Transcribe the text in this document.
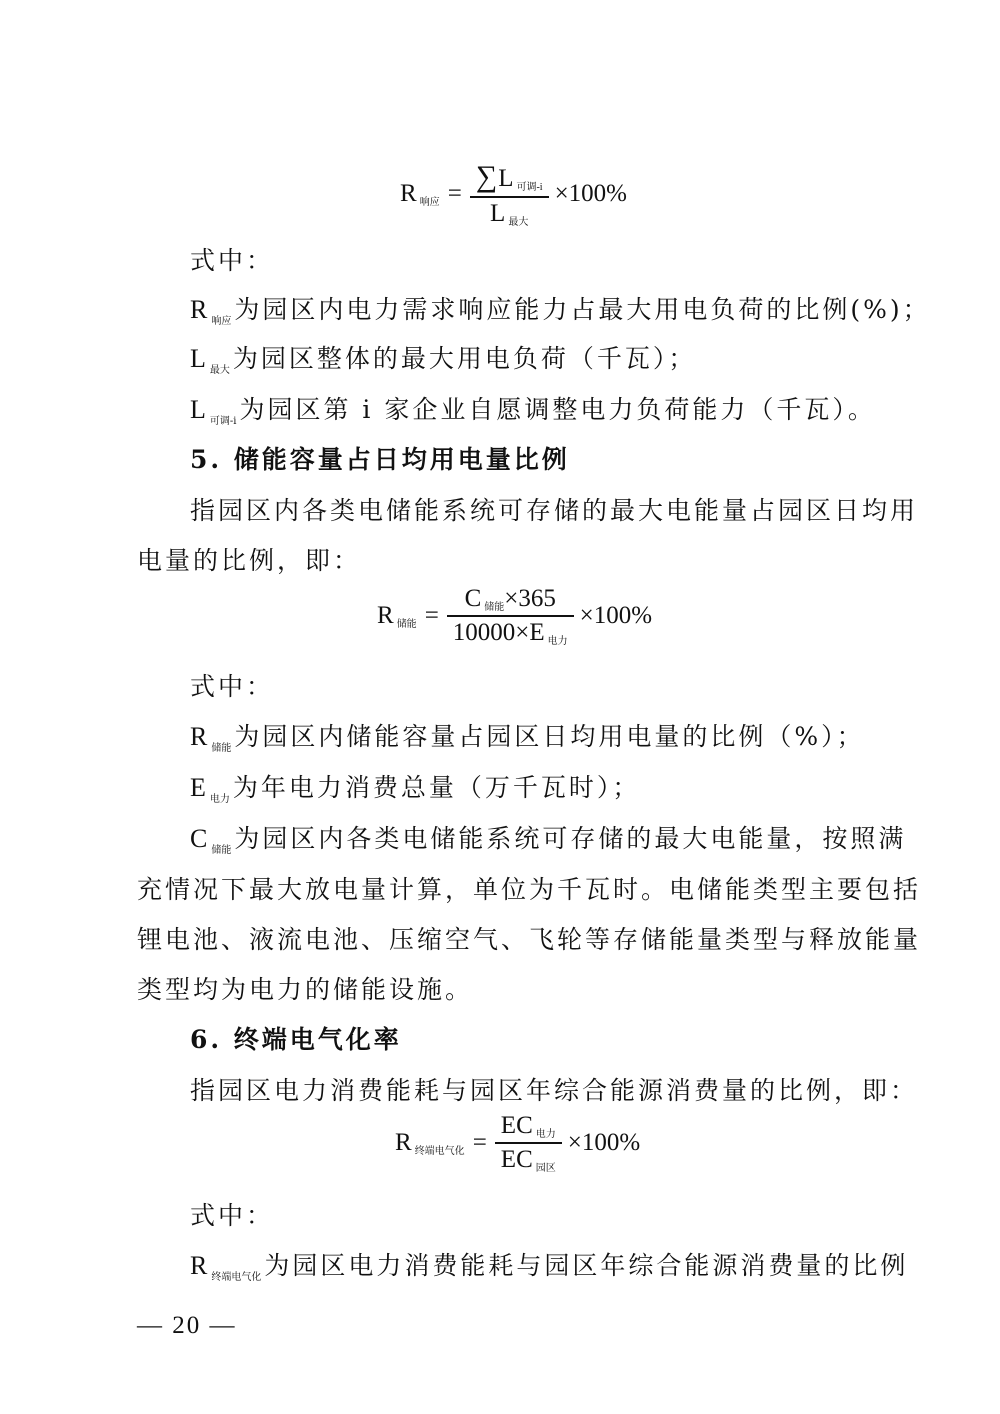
R 响应 = $\frac{\text{∑ L 可调-i}}{\text{L 最大}} \times 100\%$
式中：
R $_{响应}$ 为园区内电力需求响应能力占最大用电负荷的比例(%)；
L $_{最大}$ 为园区整体的最大用电负荷（千瓦）；
L $_{可调-i}$ 为园区第 i 家企业自愿调整电力负荷能力（千瓦）。
5. 储能容量占日均用电量比例
指园区内各类电储能系统可存储的最大电能量占园区日均用
电量的比例，即：
R 储能 = $\frac{\text{C 储能 ×365}}{\text{10000×E 电力}} \times 100\%$
式中：
R $_{储能}$ 为园区内储能容量占园区日均用电量的比例（%）；
E $_{电力}$ 为年电力消费总量（万千瓦时）；
C $_{储能}$ 为园区内各类电储能系统可存储的最大电能量，按照满
充情况下最大放电量计算，单位为千瓦时。电储能类型主要包括
锂电池、液流电池、压缩空气、飞轮等存储能量类型与释放能量
类型均为电力的储能设施。
6. 终端电气化率
指园区电力消费能耗与园区年综合能源消费量的比例，即：
R 终端电气化 = $\frac{\text{EC 电力}}{\text{EC 园区}} \times 100\%$
式中：
R $_{终端电气化}$ 为园区电力消费能耗与园区年综合能源消费量的比例
— 20 —
